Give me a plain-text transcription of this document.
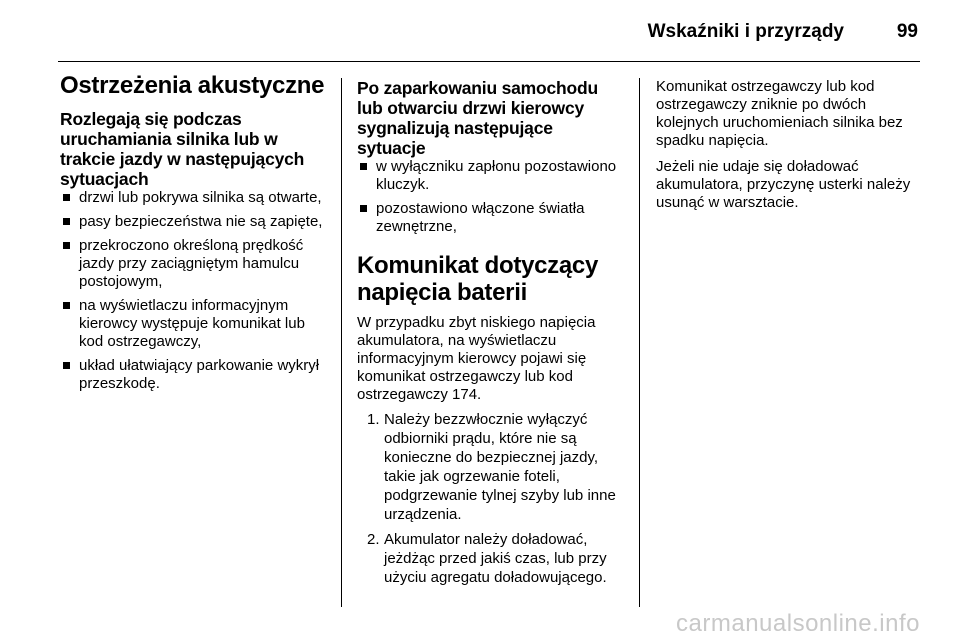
Wskaźniki i przyrządy	99
Ostrzeżenia akustyczne
Rozlegają się podczas uruchamiania silnika lub w trakcie jazdy w następujących sytuacjach
drzwi lub pokrywa silnika są otwarte,
pasy bezpieczeństwa nie są zapięte,
przekroczono określoną prędkość jazdy przy zaciągniętym hamulcu postojowym,
na wyświetlaczu informacyjnym kierowcy występuje komunikat lub kod ostrzegawczy,
układ ułatwiający parkowanie wykrył przeszkodę.
Po zaparkowaniu samochodu lub otwarciu drzwi kierowcy sygnalizują następujące sytuacje
w wyłączniku zapłonu pozostawiono kluczyk.
pozostawiono włączone światła zewnętrzne,
Komunikat dotyczący napięcia baterii

W przypadku zbyt niskiego napięcia akumulatora, na wyświetlaczu informacyjnym kierowcy pojawi się komunikat ostrzegawczy lub kod ostrzegawczy 174.

1. Należy bezzwłocznie wyłączyć odbiorniki prądu, które nie są konieczne do bezpiecznej jazdy, takie jak ogrzewanie foteli, podgrzewanie tylnej szyby lub inne urządzenia.
2. Akumulator należy doładować, jeżdżąc przed jakiś czas, lub przy użyciu agregatu doładowującego.

Komunikat ostrzegawczy lub kod ostrzegawczy zniknie po dwóch kolejnych uruchomieniach silnika bez spadku napięcia.

Jeżeli nie udaje się doładować akumulatora, przyczynę usterki należy usunąć w warsztacie.

carmanualsonline.info
